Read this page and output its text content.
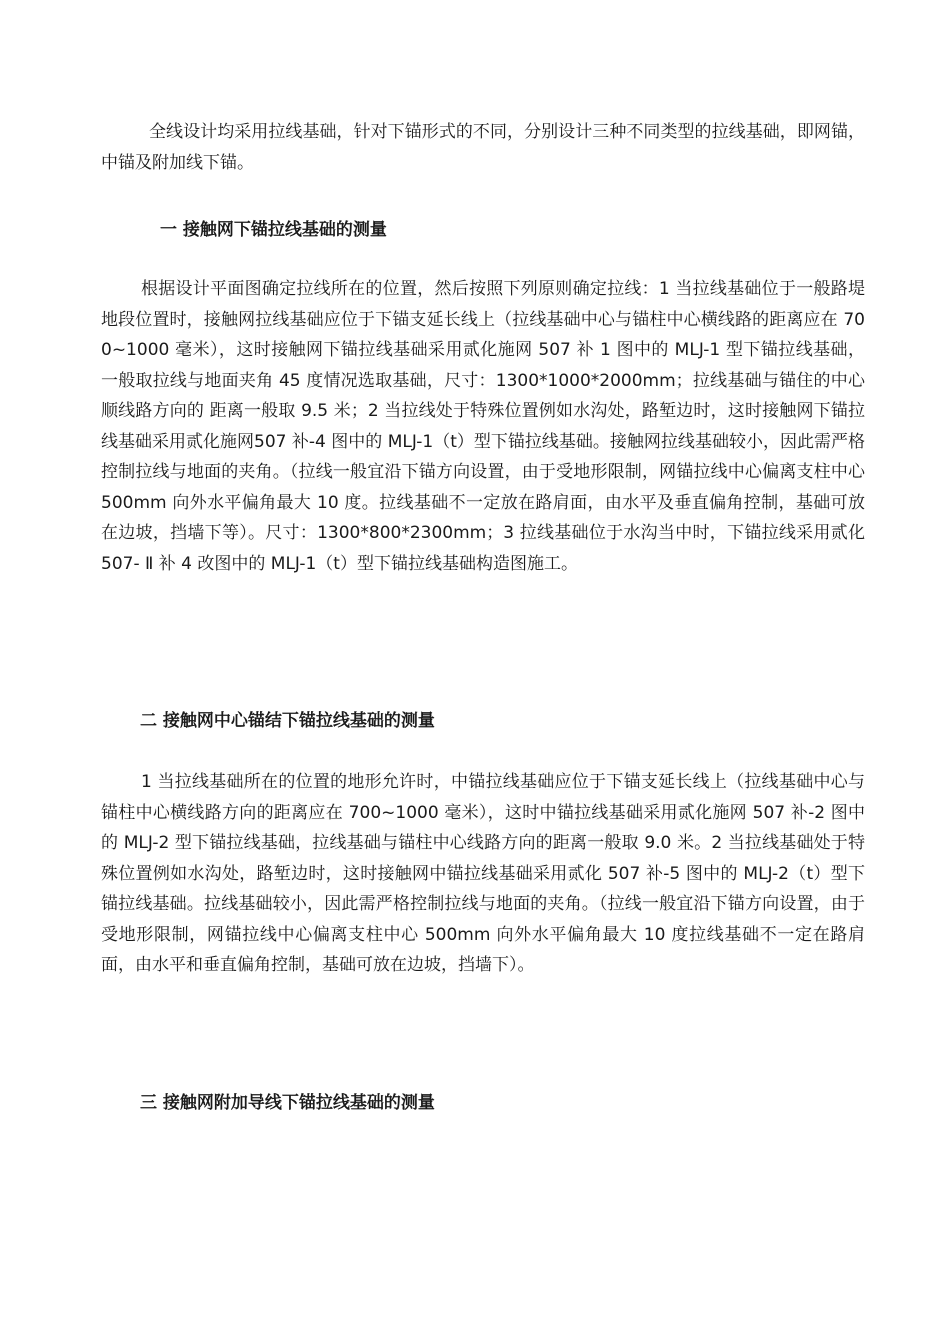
全线设计均采用拉线基础，针对下锚形式的不同，分别设计三种不同类型的拉线基础，即网锚，中锚及附加线下锚。

一 接触网下锚拉线基础的测量

根据设计平面图确定拉线所在的位置，然后按照下列原则确定拉线：1 当拉线基础位于一般路堤地段位置时，接触网拉线基础应位于下锚支延长线上（拉线基础中心与锚柱中心横线路的距离应在 700~1000 毫米），这时接触网下锚拉线基础采用贰化施网 507 补 1 图中的 MLJ-1 型下锚拉线基础，一般取拉线与地面夹角 45 度情况选取基础，尺寸：1300*1000*2000mm；拉线基础与锚住的中心顺线路方向的 距离一般取 9.5 米；2 当拉线处于特殊位置例如水沟处，路堑边时，这时接触网下锚拉线基础采用贰化施网507 补-4 图中的 MLJ-1（t）型下锚拉线基础。接触网拉线基础较小，因此需严格控制拉线与地面的夹角。（拉线一般宜沿下锚方向设置，由于受地形限制，网锚拉线中心偏离支柱中心 500mm 向外水平偏角最大 10 度。拉线基础不一定放在路肩面，由水平及垂直偏角控制，基础可放在边坡，挡墙下等）。尺寸：1300*800*2300mm；3 拉线基础位于水沟当中时，下锚拉线采用贰化 507- Ⅱ 补 4 改图中的 MLJ-1（t）型下锚拉线基础构造图施工。

二 接触网中心锚结下锚拉线基础的测量

1 当拉线基础所在的位置的地形允许时，中锚拉线基础应位于下锚支延长线上（拉线基础中心与锚柱中心横线路方向的距离应在 700~1000 毫米），这时中锚拉线基础采用贰化施网 507 补-2 图中的 MLJ-2 型下锚拉线基础，拉线基础与锚柱中心线路方向的距离一般取 9.0 米。2 当拉线基础处于特殊位置例如水沟处，路堑边时，这时接触网中锚拉线基础采用贰化 507 补-5 图中的 MLJ-2（t）型下锚拉线基础。拉线基础较小，因此需严格控制拉线与地面的夹角。（拉线一般宜沿下锚方向设置，由于受地形限制，网锚拉线中心偏离支柱中心 500mm 向外水平偏角最大 10 度拉线基础不一定在路肩面，由水平和垂直偏角控制，基础可放在边坡，挡墙下）。

三 接触网附加导线下锚拉线基础的测量
